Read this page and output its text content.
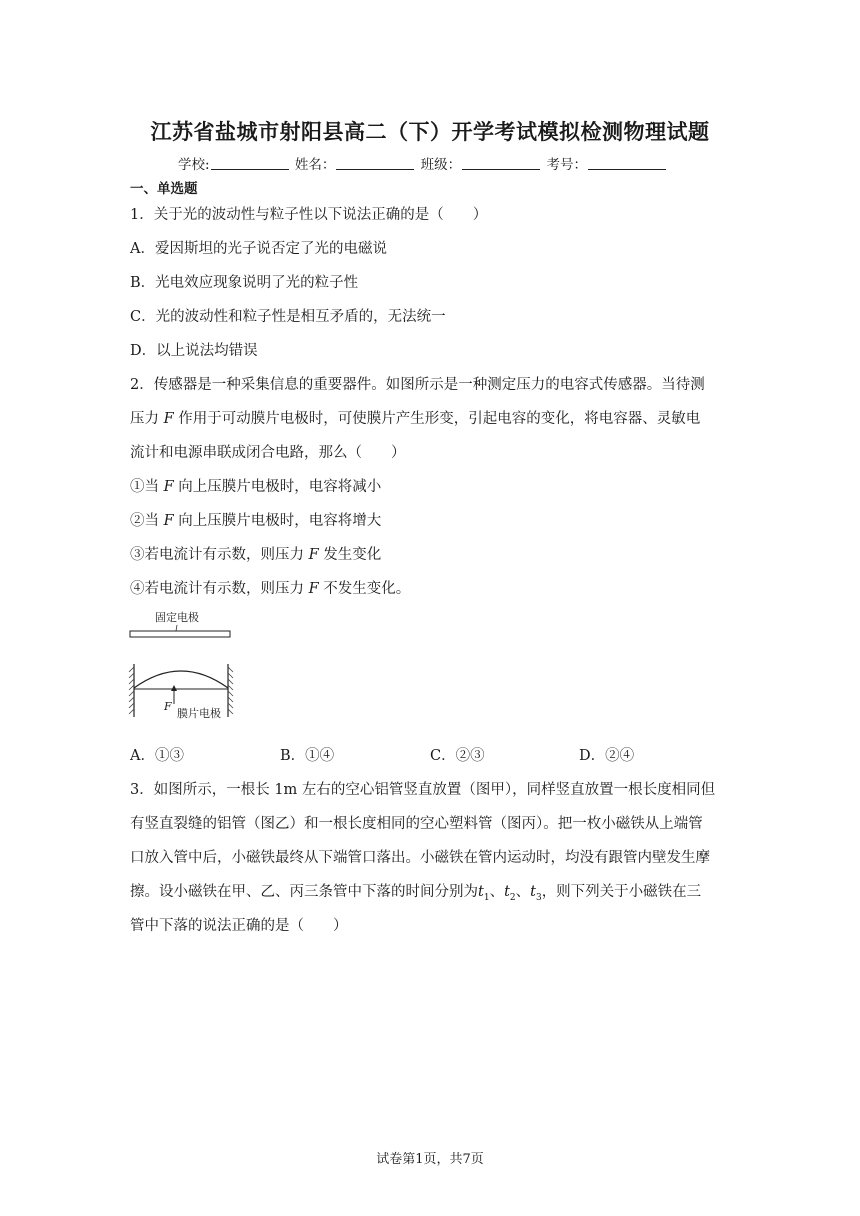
江苏省盐城市射阳县高二（下）开学考试模拟检测物理试题
学校:	姓名：	班级：	考号：
一、单选题
1．关于光的波动性与粒子性以下说法正确的是（　　）
A．爱因斯坦的光子说否定了光的电磁说
B．光电效应现象说明了光的粒子性
C．光的波动性和粒子性是相互矛盾的，无法统一
D．以上说法均错误
2．传感器是一种采集信息的重要器件。如图所示是一种测定压力的电容式传感器。当待测
压力 F 作用于可动膜片电极时，可使膜片产生形变，引起电容的变化，将电容器、灵敏电
流计和电源串联成闭合电路，那么（　　）
①当 F 向上压膜片电极时，电容将减小
②当 F 向上压膜片电极时，电容将增大
③若电流计有示数，则压力 F 发生变化
④若电流计有示数，则压力 F 不发生变化。
固定电极
F
膜片电极
A．①③	B．①④	C．②③	D．②④
3．如图所示，一根长 1m 左右的空心铝管竖直放置（图甲），同样竖直放置一根长度相同但
有竖直裂缝的铝管（图乙）和一根长度相同的空心塑料管（图丙）。把一枚小磁铁从上端管
口放入管中后，小磁铁最终从下端管口落出。小磁铁在管内运动时，均没有跟管内壁发生摩
擦。设小磁铁在甲、乙、丙三条管中下落的时间分别为$t_1$、$t_2$、$t_3$，则下列关于小磁铁在三
管中下落的说法正确的是（　　）
试卷第1页，共7页
